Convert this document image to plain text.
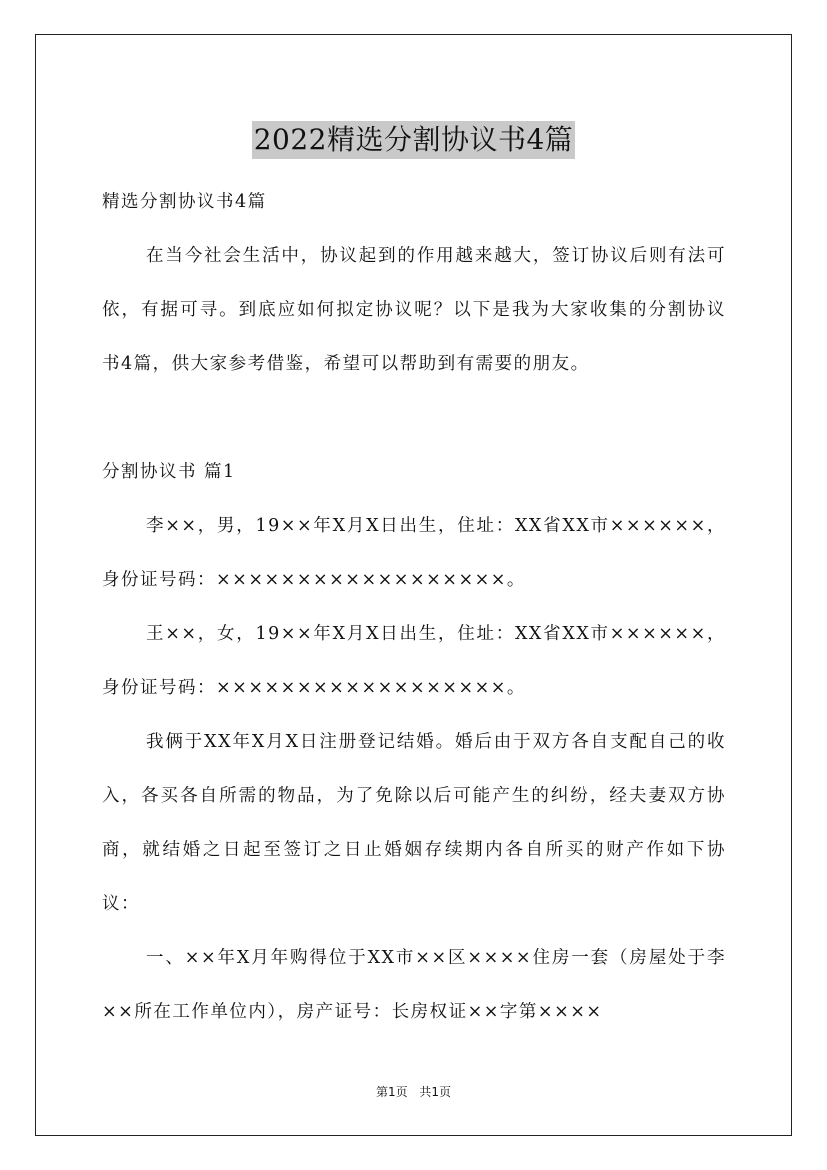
2022精选分割协议书4篇

精选分割协议书4篇

在当今社会生活中，协议起到的作用越来越大，签订协议后则有法可依，有据可寻。到底应如何拟定协议呢？以下是我为大家收集的分割协议书4篇，供大家参考借鉴，希望可以帮助到有需要的朋友。

分割协议书 篇1

李××，男，19××年X月X日出生，住址：XX省XX市××××××，身份证号码：××××××××××××××××××。

王××，女，19××年X月X日出生，住址：XX省XX市××××××，身份证号码：××××××××××××××××××。

我俩于XX年X月X日注册登记结婚。婚后由于双方各自支配自己的收入，各买各自所需的物品，为了免除以后可能产生的纠纷，经夫妻双方协商，就结婚之日起至签订之日止婚姻存续期内各自所买的财产作如下协议：

一、××年X月年购得位于XX市××区××××住房一套（房屋处于李××所在工作单位内），房产证号：长房权证××字第××××

第1页 共1页
